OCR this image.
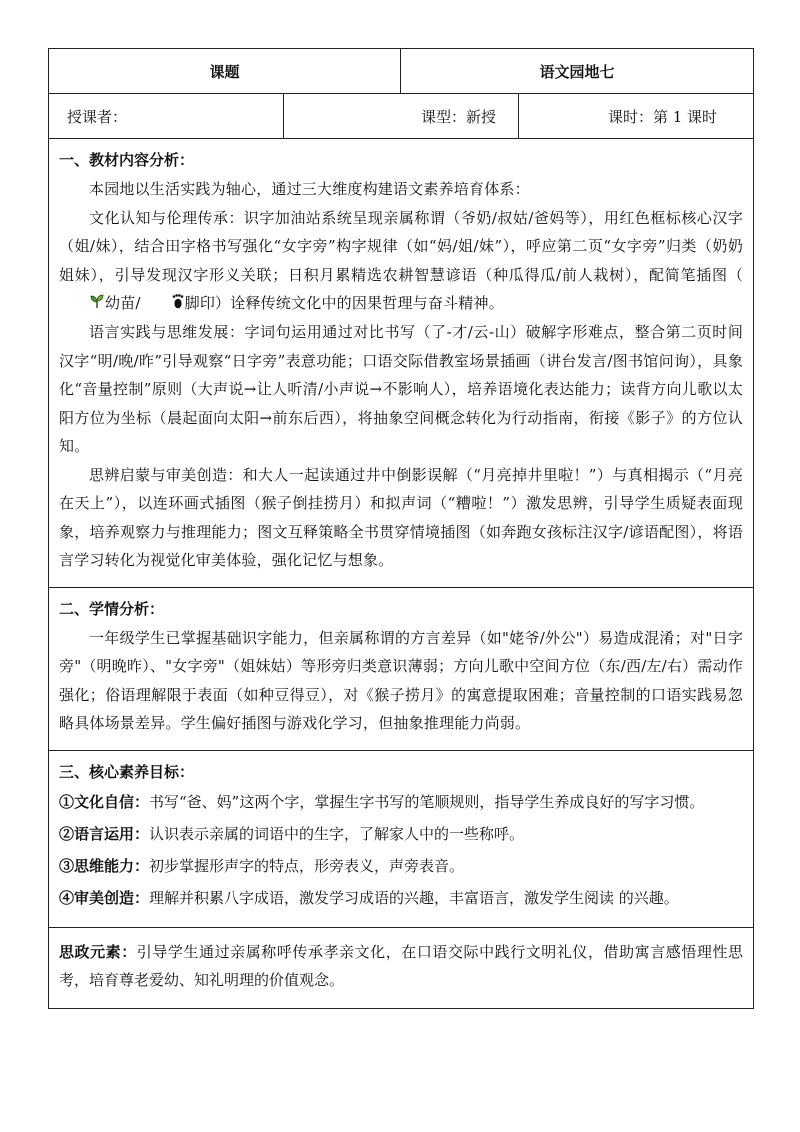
课题		语文园地七	
授课者：	课型：新授		课时：第 1 课时

一、教材内容分析：

本园地以生活实践为轴心，通过三大维度构建语文素养培育体系：

文化认知与伦理传承：识字加油站系统呈现亲属称谓（爷奶/叔姑/爸妈等），用红色框标核心汉字（姐/妹），结合田字格书写强化“女字旁”构字规律（如“妈/姐/妹”），呼应第二页“女字旁”归类（奶奶姐妹），引导发现汉字形义关联；日积月累精选农耕智慧谚语（种瓜得瓜/前人栽树），配简笔插图（幼苗/ 脚印）诠释传统文化中的因果哲理与奋斗精神。

语言实践与思维发展：字词句运用通过对比书写（了-才/云-山）破解字形难点，整合第二页时间汉字“明/晚/昨”引导观察“日字旁”表意功能；口语交际借教室场景插画（讲台发言/图书馆问询），具象化“音量控制”原则（大声说→让人听清/小声说→不影响人），培养语境化表达能力；读背方向儿歌以太阳方位为坐标（晨起面向太阳→前东后西），将抽象空间概念转化为行动指南，衔接《影子》的方位认知。

思辨启蒙与审美创造：和大人一起读通过井中倒影误解（“月亮掉井里啦！”）与真相揭示（“月亮在天上”），以连环画式插图（猴子倒挂捞月）和拟声词（“糟啦！”）激发思辨，引导学生质疑表面现象，培养观察力与推理能力；图文互释策略全书贯穿情境插图（如奔跑女孩标注汉字/谚语配图），将语言学习转化为视觉化审美体验，强化记忆与想象。			

二、学情分析：

一年级学生已掌握基础识字能力，但亲属称谓的方言差异（如"姥爷/外公"）易造成混淆；对"日字旁"（明晚昨）、"女字旁"（姐妹姑）等形旁归类意识薄弱；方向儿歌中空间方位（东/西/左/右）需动作强化；俗语理解限于表面（如种豆得豆），对《猴子捞月》的寓意提取困难；音量控制的口语实践易忽略具体场景差异。学生偏好插图与游戏化学习，但抽象推理能力尚弱。			

三、核心素养目标：

①文化自信：书写“爸、妈”这两个字，掌握生字书写的笔顺规则，指导学生养成良好的写字习惯。

②语言运用：认识表示亲属的词语中的生字，了解家人中的一些称呼。

③思维能力：初步掌握形声字的特点，形旁表义，声旁表音。

④审美创造：理解并积累八字成语，激发学习成语的兴趣，丰富语言，激发学生阅读 的兴趣。			

思政元素：引导学生通过亲属称呼传承孝亲文化，在口语交际中践行文明礼仪，借助寓言感悟理性思考，培育尊老爱幼、知礼明理的价值观念。			
